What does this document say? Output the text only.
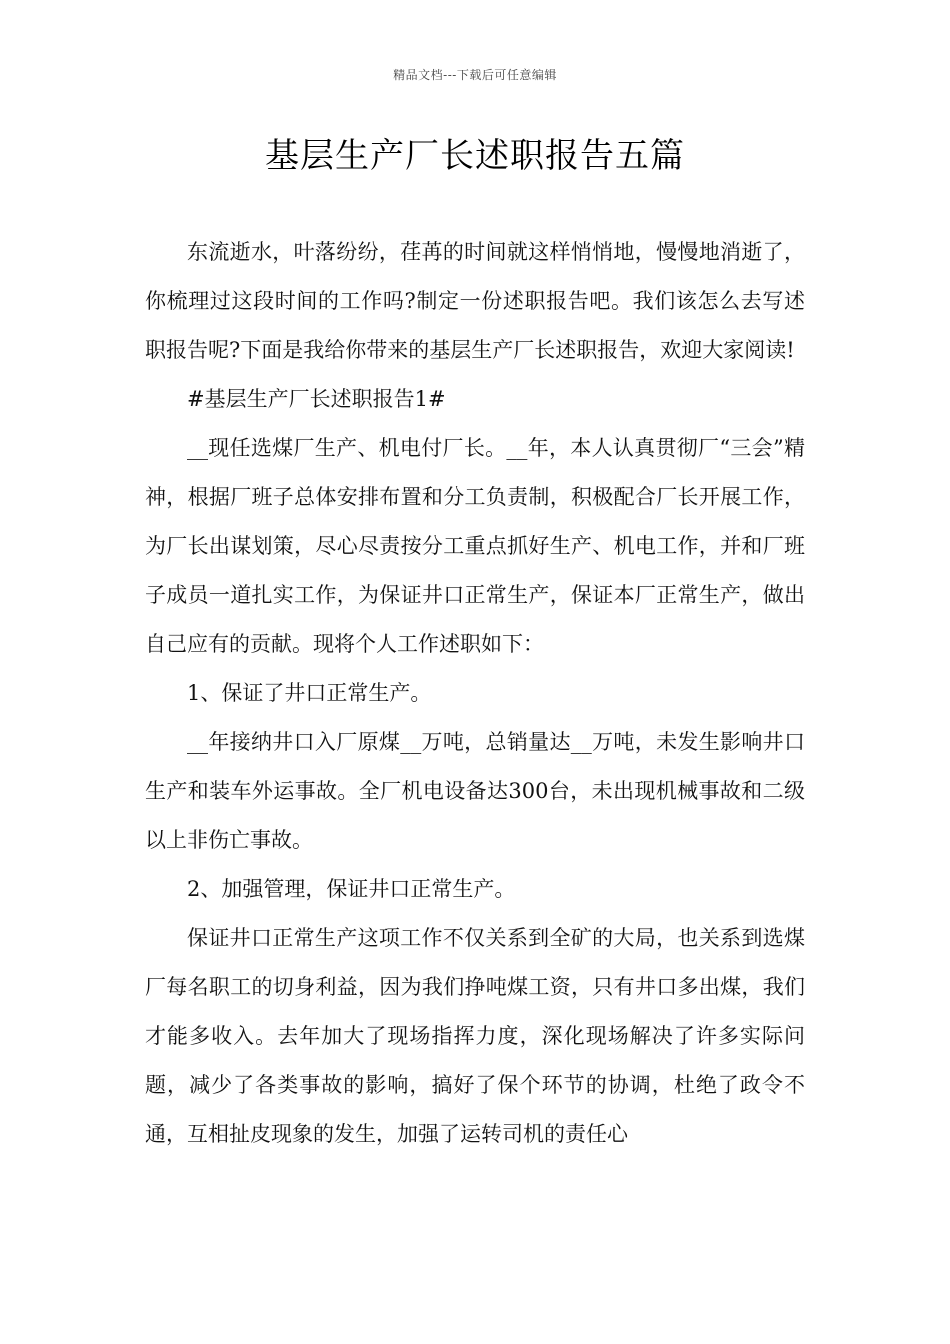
精品文档---下载后可任意编辑
基层生产厂长述职报告五篇

东流逝水，叶落纷纷，荏苒的时间就这样悄悄地，慢慢地消逝了，你梳理过这段时间的工作吗?制定一份述职报告吧。我们该怎么去写述职报告呢?下面是我给你带来的基层生产厂长述职报告，欢迎大家阅读!

#基层生产厂长述职报告1#

__现任选煤厂生产、机电付厂长。__年，本人认真贯彻厂“三会”精神，根据厂班子总体安排布置和分工负责制，积极配合厂长开展工作，为厂长出谋划策，尽心尽责按分工重点抓好生产、机电工作，并和厂班子成员一道扎实工作，为保证井口正常生产，保证本厂正常生产，做出自己应有的贡献。现将个人工作述职如下：

1、保证了井口正常生产。

__年接纳井口入厂原煤__万吨，总销量达__万吨，未发生影响井口生产和装车外运事故。全厂机电设备达300台，未出现机械事故和二级以上非伤亡事故。

2、加强管理，保证井口正常生产。

保证井口正常生产这项工作不仅关系到全矿的大局，也关系到选煤厂每名职工的切身利益，因为我们挣吨煤工资，只有井口多出煤，我们才能多收入。去年加大了现场指挥力度，深化现场解决了许多实际问题，减少了各类事故的影响，搞好了保个环节的协调，杜绝了政令不通，互相扯皮现象的发生，加强了运转司机的责任心
